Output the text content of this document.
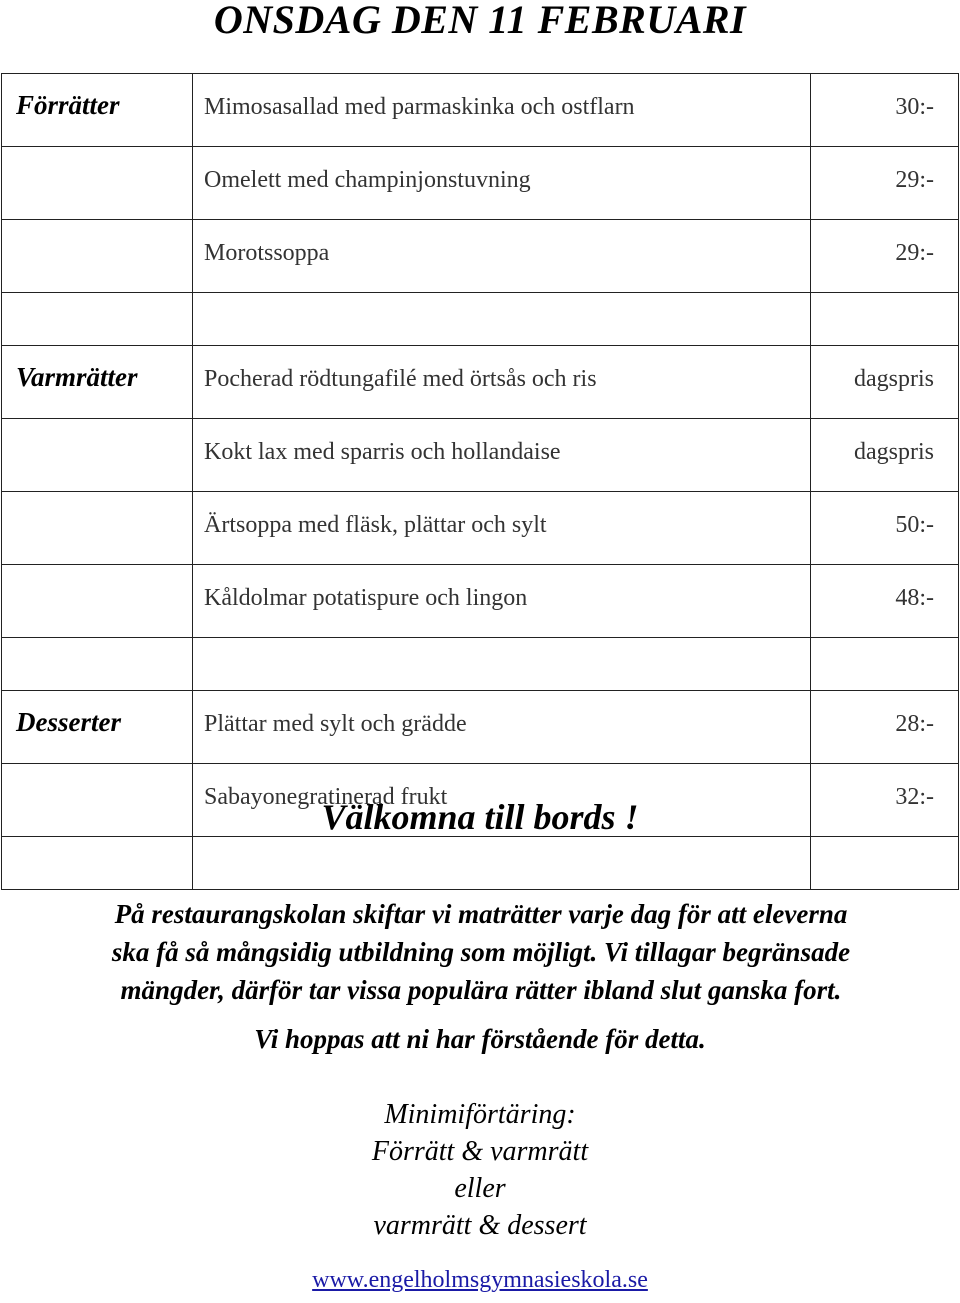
ONSDAG DEN 11 FEBRUARI
Förrätter	Mimosasallad med parmaskinka och ostflarn	30:-
	Omelett med champinjonstuvning	29:-
	Morotssoppa	29:-

Varmrätter	Pocherad rödtungafilé med örtsås och ris	dagspris
	Kokt lax med sparris och hollandaise	dagspris
	Ärtsoppa med fläsk, plättar och sylt	50:-
	Kåldolmar potatispure och lingon	48:-

Desserter	Plättar med sylt och grädde	28:-
	Sabayonegratinerad frukt	32:-

Välkomna till bords !
På restaurangskolan skiftar vi maträtter varje dag för att eleverna
ska få så mångsidig utbildning som möjligt. Vi tillagar begränsade
mängder, därför tar vissa populära rätter ibland slut ganska fort.
Vi hoppas att ni har förstående för detta.
Minimiförtäring:
Förrätt & varmrätt
eller
varmrätt & dessert
www.engelholmsgymnasieskola.se
